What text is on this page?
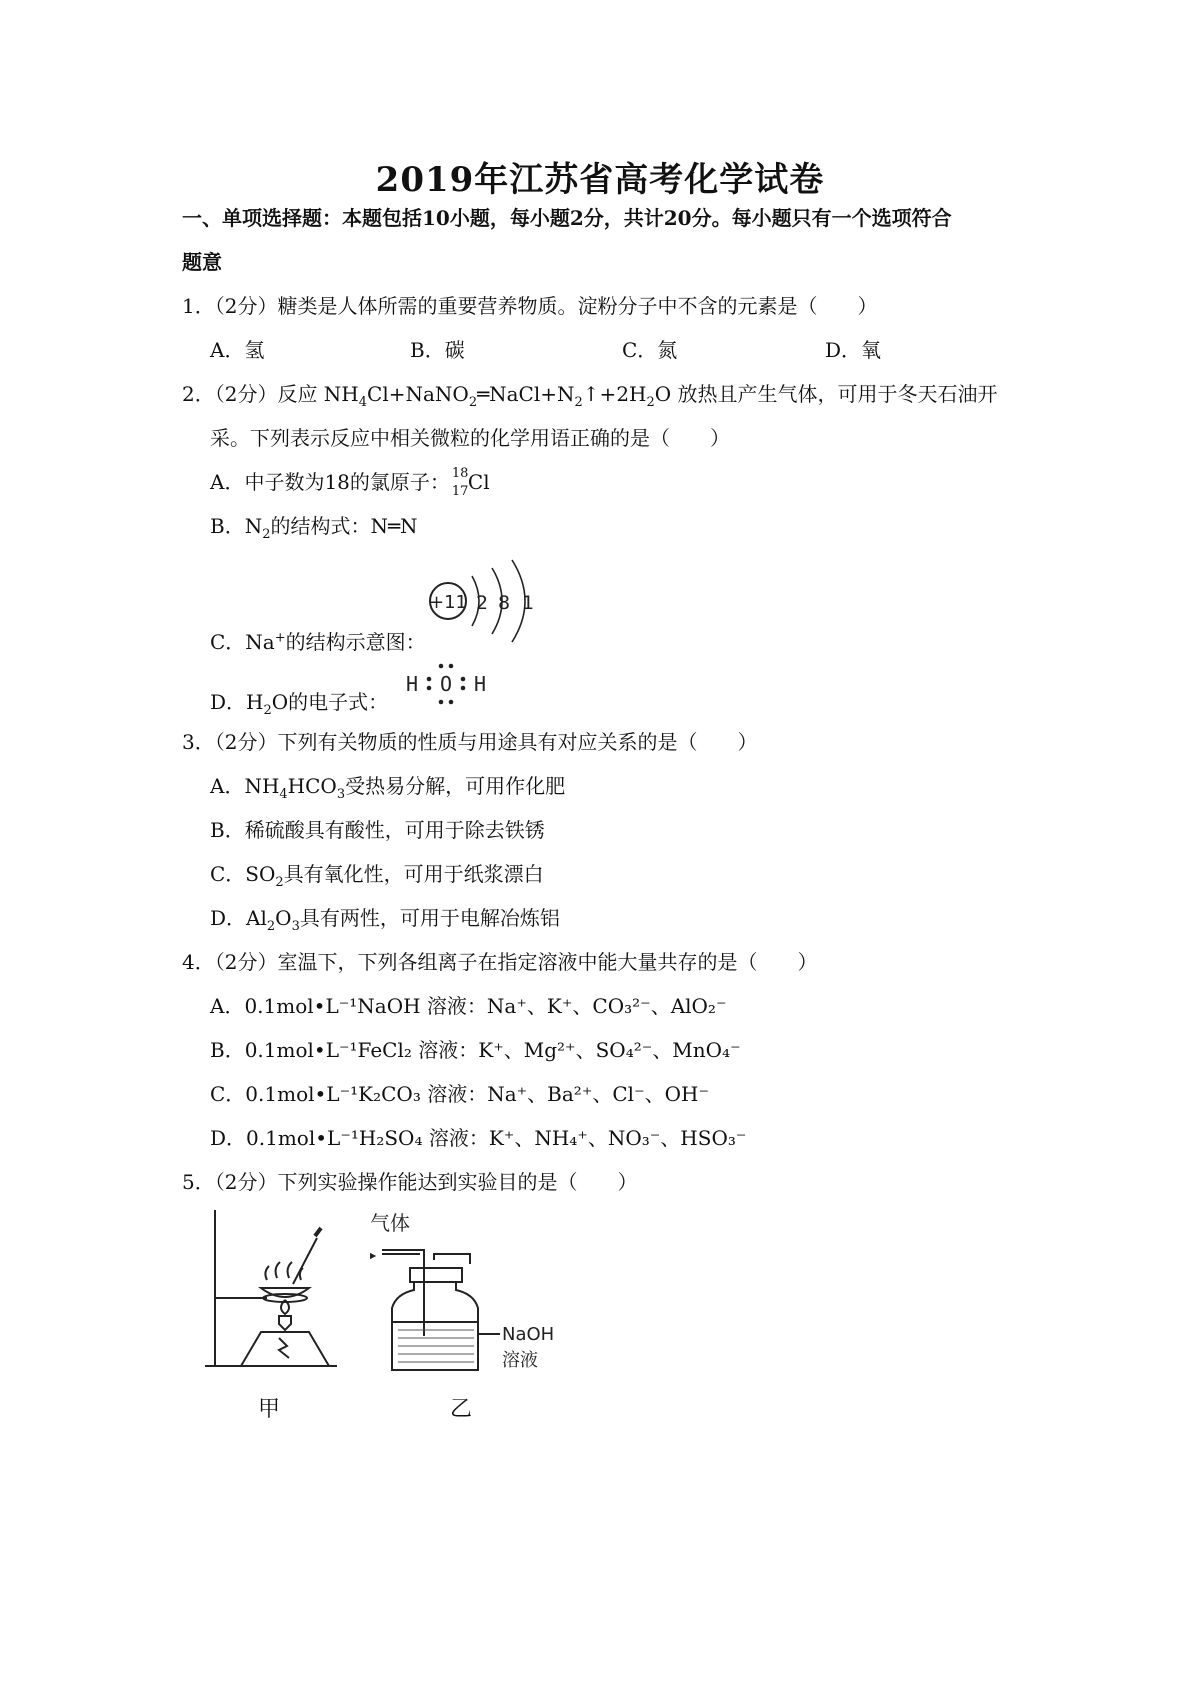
2019年江苏省高考化学试卷
一、单项选择题：本题包括10小题，每小题2分，共计20分。每小题只有一个选项符合
题意
1．（2分）糖类是人体所需的重要营养物质。淀粉分子中不含的元素是（　　）
A．氢	B．碳	C．氮	D．氧
2．（2分）反应 $NH_4Cl+NaNO_2═NaCl+N_2↑+2H_2O$ 放热且产生气体，可用于冬天石油开
采。下列表示反应中相关微粒的化学用语正确的是（　　）
A．中子数为18的氯原子： 18
17 Cl
B．$N_2$的结构式：N═N
+11 2 8 1
C．Na+的结构示意图：
H O H
D．$H_2O$的电子式：
3．（2分）下列有关物质的性质与用途具有对应关系的是（　　）
A．$NH_4HCO_3$受热易分解，可用作化肥
B．稀硫酸具有酸性，可用于除去铁锈
C．$SO_2$具有氧化性，可用于纸浆漂白
D．$Al_2O_3$具有两性，可用于电解冶炼铝
4．（2分）室温下，下列各组离子在指定溶液中能大量共存的是（　　）
A．0.1mol•L⁻¹NaOH 溶液：Na⁺、K⁺、CO₃²⁻、AlO₂⁻
B．0.1mol•L⁻¹FeCl₂ 溶液：K⁺、Mg²⁺、SO₄²⁻、MnO₄⁻
C．0.1mol•L⁻¹K₂CO₃ 溶液：Na⁺、Ba²⁺、Cl⁻、OH⁻
D．0.1mol•L⁻¹H₂SO₄ 溶液：K⁺、NH₄⁺、NO₃⁻、HSO₃⁻
5．（2分）下列实验操作能达到实验目的是（　　）
甲
气体
NaOH
溶液
乙
